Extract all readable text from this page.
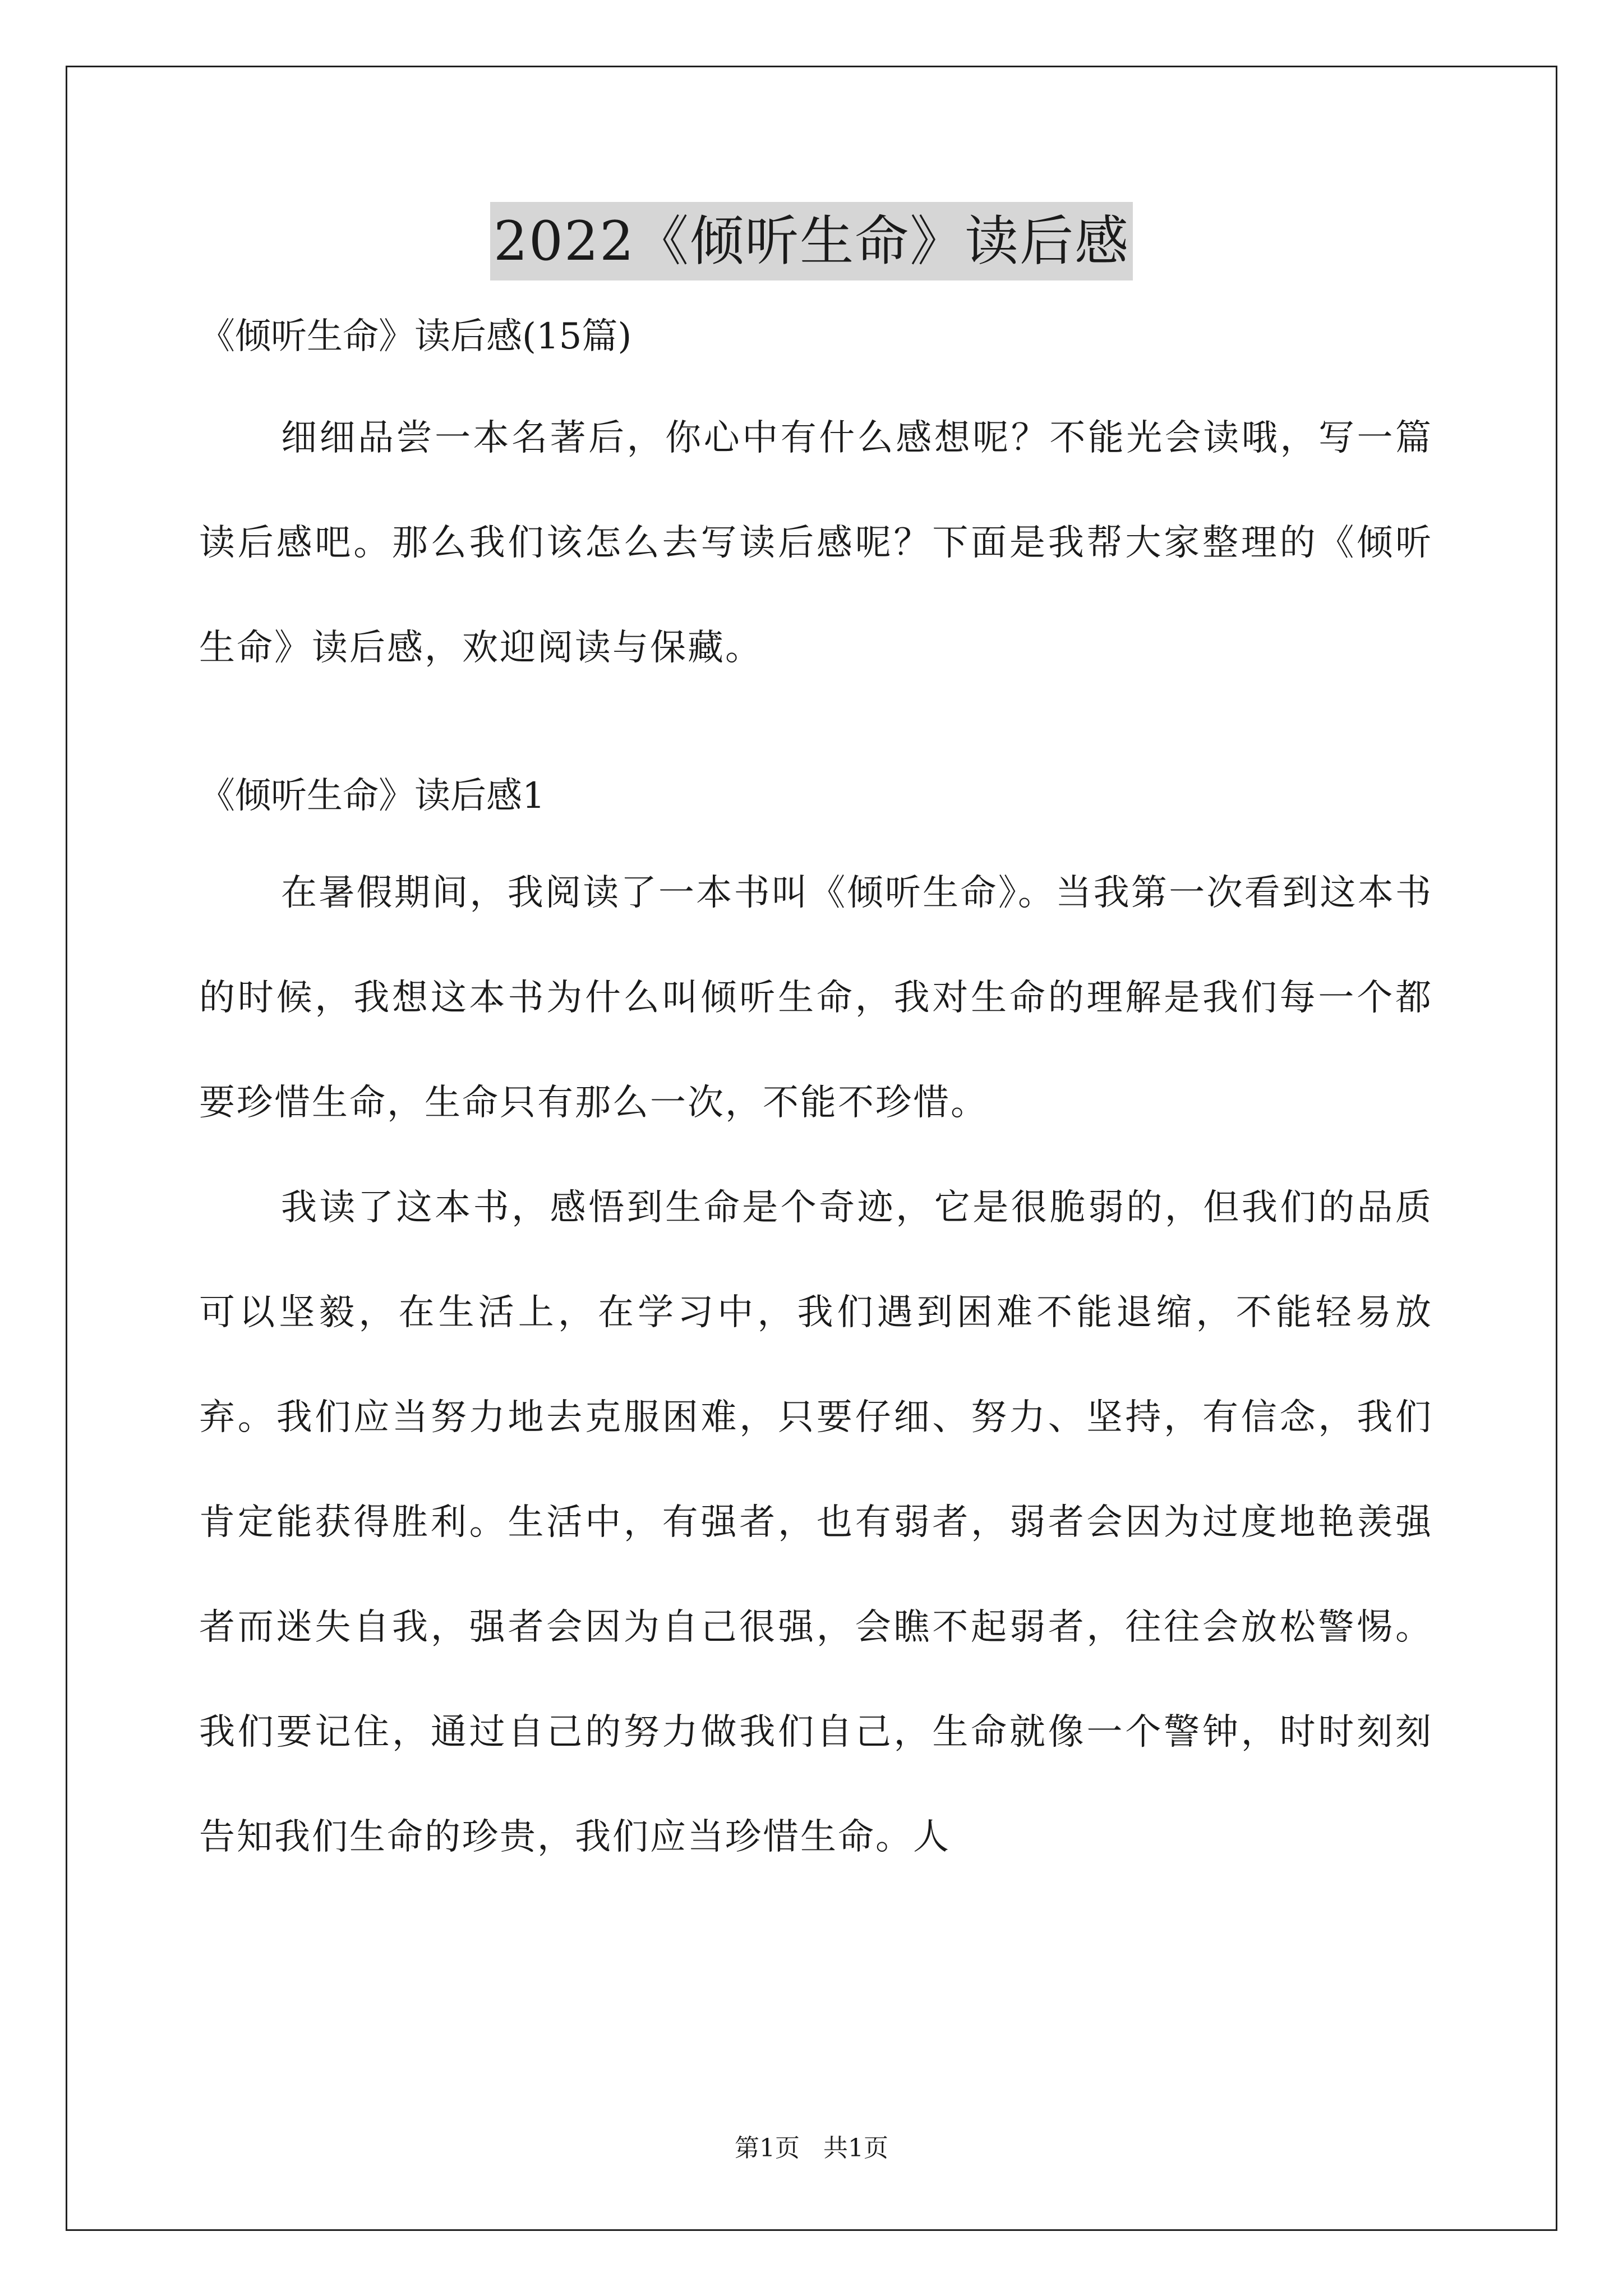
2022《倾听生命》读后感

《倾听生命》读后感(15篇)

细细品尝一本名著后，你心中有什么感想呢？不能光会读哦，写一篇读后感吧。那么我们该怎么去写读后感呢？下面是我帮大家整理的《倾听生命》读后感，欢迎阅读与保藏。

《倾听生命》读后感1

在暑假期间，我阅读了一本书叫《倾听生命》。当我第一次看到这本书的时候，我想这本书为什么叫倾听生命，我对生命的理解是我们每一个都要珍惜生命，生命只有那么一次，不能不珍惜。

我读了这本书，感悟到生命是个奇迹，它是很脆弱的，但我们的品质可以坚毅，在生活上，在学习中，我们遇到困难不能退缩，不能轻易放弃。我们应当努力地去克服困难，只要仔细、努力、坚持，有信念，我们肯定能获得胜利。生活中，有强者，也有弱者，弱者会因为过度地艳羡强者而迷失自我，强者会因为自己很强，会瞧不起弱者，往往会放松警惕。我们要记住，通过自己的努力做我们自己，生命就像一个警钟，时时刻刻告知我们生命的珍贵，我们应当珍惜生命。人

第1页 共1页
